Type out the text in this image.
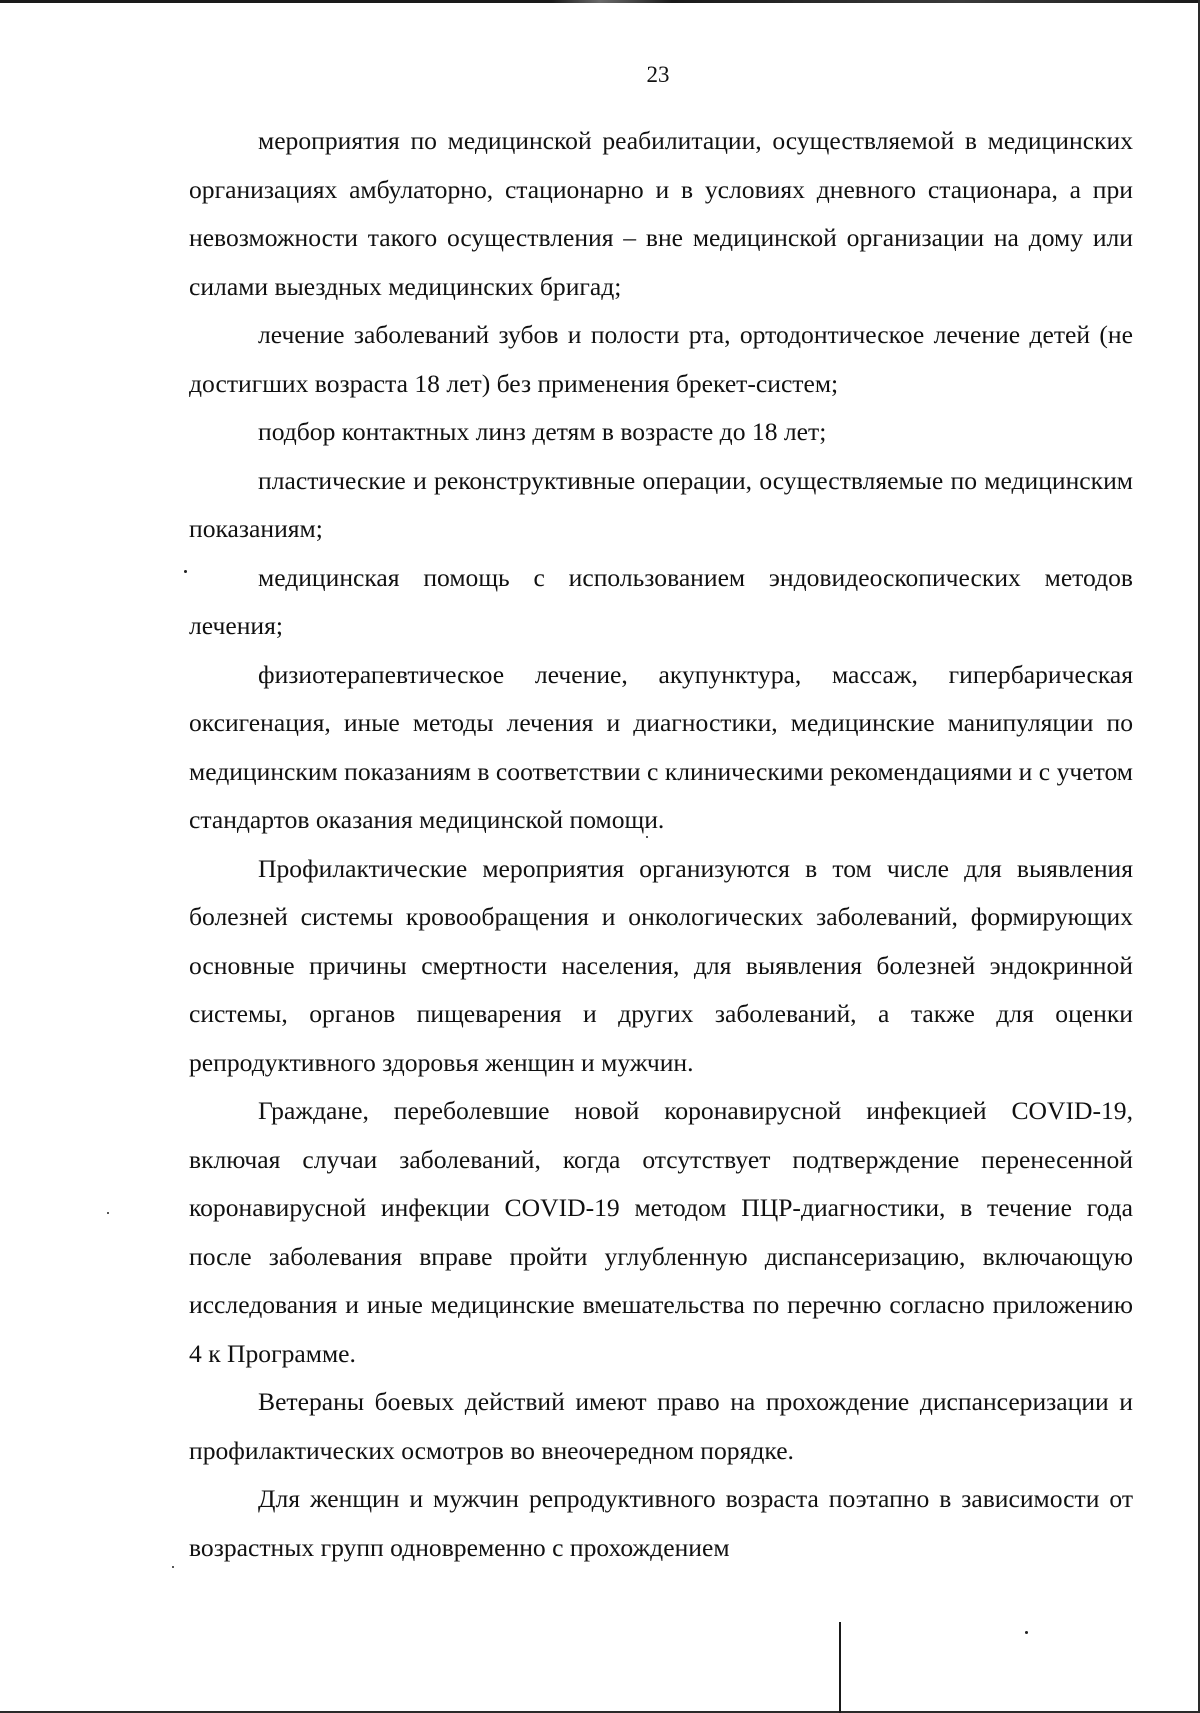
23

мероприятия по медицинской реабилитации, осуществляемой в медицинских организациях амбулаторно, стационарно и в условиях дневного стационара, а при невозможности такого осуществления – вне медицинской организации на дому или силами выездных медицинских бригад;

лечение заболеваний зубов и полости рта, ортодонтическое лечение детей (не достигших возраста 18 лет) без применения брекет-систем;

подбор контактных линз детям в возрасте до 18 лет;

пластические и реконструктивные операции, осуществляемые по медицинским показаниям;

медицинская помощь с использованием эндовидеоскопических методов лечения;

физиотерапевтическое лечение, акупунктура, массаж, гипербарическая оксигенация, иные методы лечения и диагностики, медицинские манипуляции по медицинским показаниям в соответствии с клиническими рекомендациями и с учетом стандартов оказания медицинской помощи.

Профилактические мероприятия организуются в том числе для выявления болезней системы кровообращения и онкологических заболеваний, формирующих основные причины смертности населения, для выявления болезней эндокринной системы, органов пищеварения и других заболеваний, а также для оценки репродуктивного здоровья женщин и мужчин.

Граждане, переболевшие новой коронавирусной инфекцией COVID-19, включая случаи заболеваний, когда отсутствует подтверждение перенесенной коронавирусной инфекции COVID-19 методом ПЦР-диагностики, в течение года после заболевания вправе пройти углубленную диспансеризацию, включающую исследования и иные медицинские вмешательства по перечню согласно приложению 4 к Программе.

Ветераны боевых действий имеют право на прохождение диспансеризации и профилактических осмотров во внеочередном порядке.

Для женщин и мужчин репродуктивного возраста поэтапно в зависимости от возрастных групп одновременно с прохождением
